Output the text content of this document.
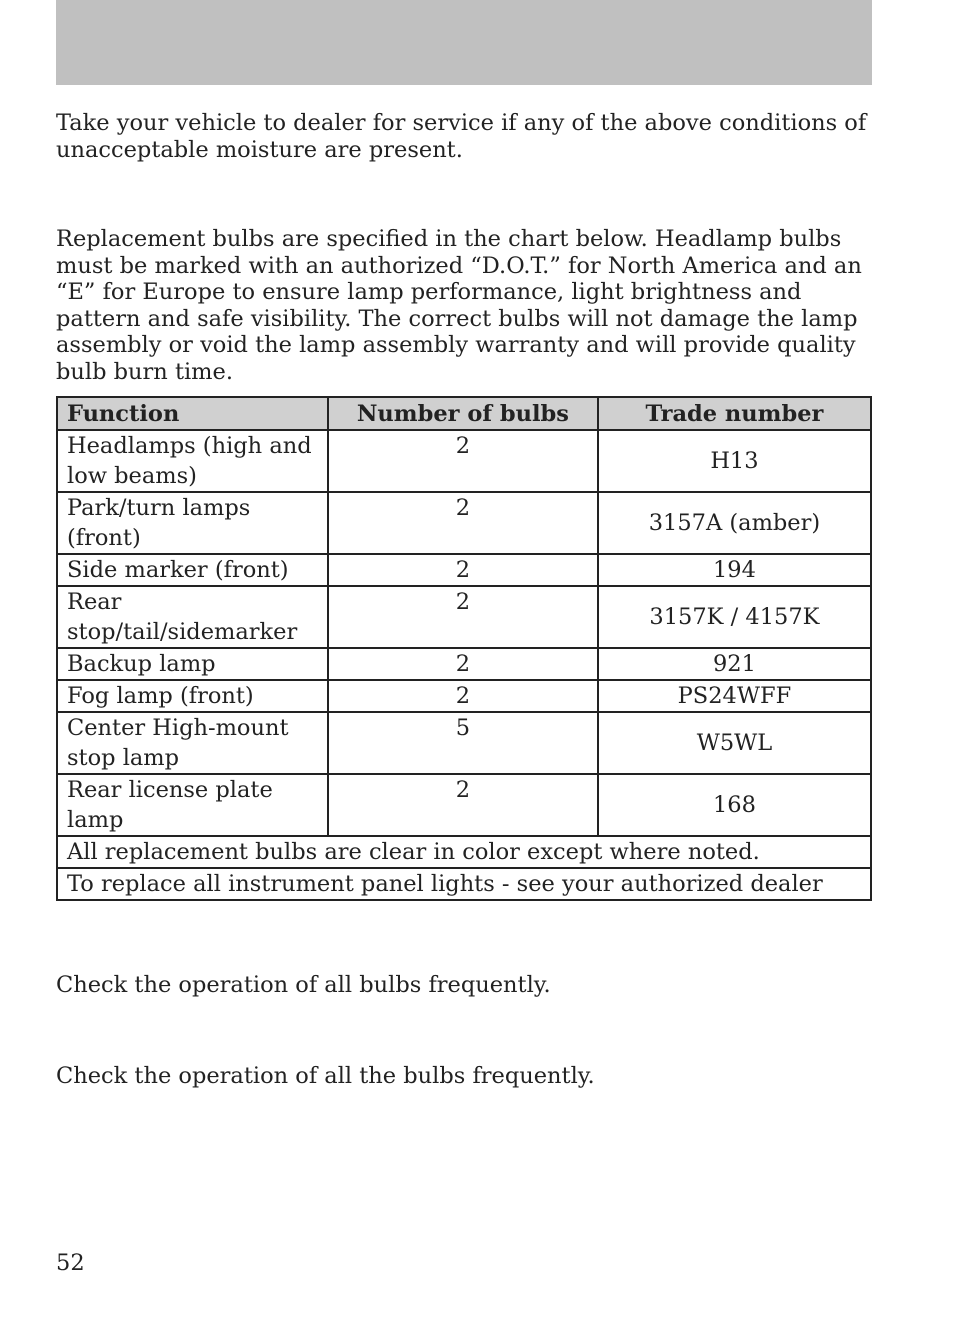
Take your vehicle to dealer for service if any of the above conditions of unacceptable moisture are present.

Replacement bulbs are specified in the chart below. Headlamp bulbs must be marked with an authorized “D.O.T.” for North America and an “E” for Europe to ensure lamp performance, light brightness and pattern and safe visibility. The correct bulbs will not damage the lamp assembly or void the lamp assembly warranty and will provide quality bulb burn time.

Function	Number of bulbs	Trade number
Headlamps (high and low beams)	2	H13
Park/turn lamps (front)	2	3157A (amber)
Side marker (front)	2	194
Rear stop/tail/sidemarker	2	3157K / 4157K
Backup lamp	2	921
Fog lamp (front)	2	PS24WFF
Center High-mount stop lamp	5	W5WL
Rear license plate lamp	2	168
All replacement bulbs are clear in color except where noted.		
To replace all instrument panel lights - see your authorized dealer		

Check the operation of all bulbs frequently.

Check the operation of all the bulbs frequently.

52
